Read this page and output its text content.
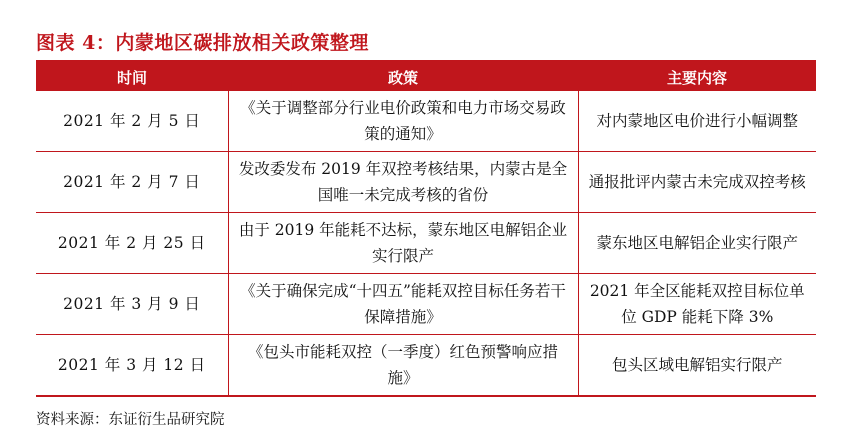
图表 4：内蒙地区碳排放相关政策整理
时间	政策	主要内容
2021 年 2 月 5 日	《关于调整部分行业电价政策和电力市场交易政策的通知》	对内蒙地区电价进行小幅调整
2021 年 2 月 7 日	发改委发布 2019 年双控考核结果，内蒙古是全国唯一未完成考核的省份	通报批评内蒙古未完成双控考核
2021 年 2 月 25 日	由于 2019 年能耗不达标，蒙东地区电解铝企业实行限产	蒙东地区电解铝企业实行限产
2021 年 3 月 9 日	《关于确保完成“十四五”能耗双控目标任务若干保障措施》	2021 年全区能耗双控目标位单位 GDP 能耗下降 3%
2021 年 3 月 12 日	《包头市能耗双控（一季度）红色预警响应措施》	包头区域电解铝实行限产
资料来源：东证衍生品研究院
